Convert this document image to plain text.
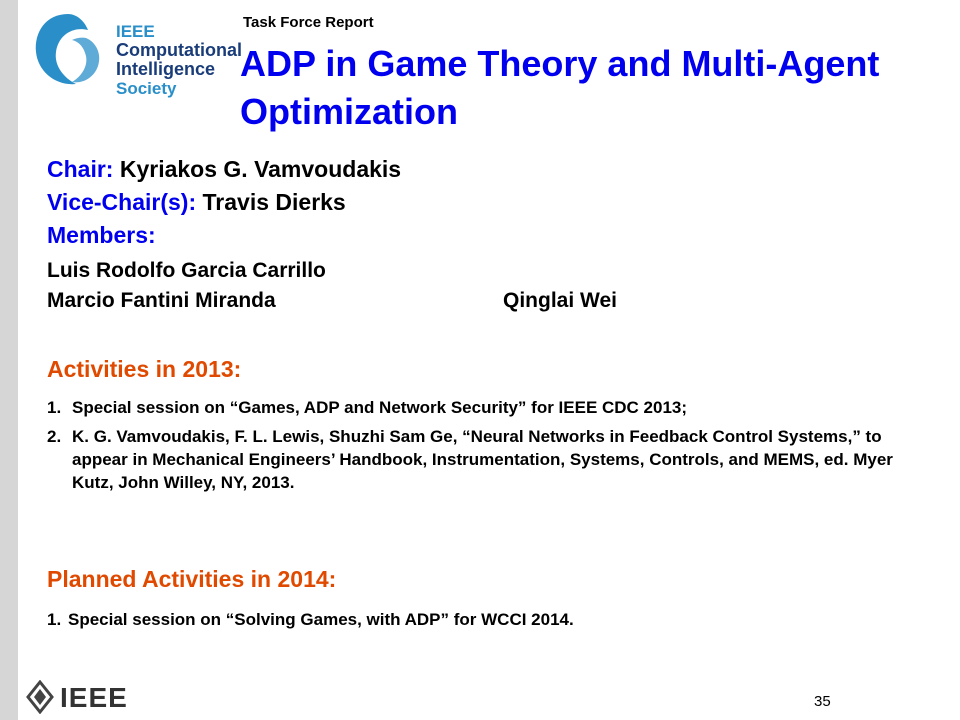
IEEE
Computational
Intelligence
Society
Task Force Report
ADP in Game Theory and Multi-Agent Optimization
Chair: Kyriakos G. Vamvoudakis
Vice-Chair(s): Travis Dierks
Members:
Luis Rodolfo Garcia Carrillo
Marcio Fantini Miranda	Qinglai Wei
Activities in 2013:
1. Special session on “Games, ADP and Network Security” for IEEE CDC 2013;
2. K. G. Vamvoudakis, F. L. Lewis, Shuzhi Sam Ge, “Neural Networks in Feedback Control Systems,” to appear in Mechanical Engineers’ Handbook, Instrumentation, Systems, Controls, and MEMS, ed. Myer Kutz, John Willey, NY, 2013.
Planned Activities in 2014:
1. Special session on “Solving Games, with ADP” for WCCI 2014.
IEEE	35
